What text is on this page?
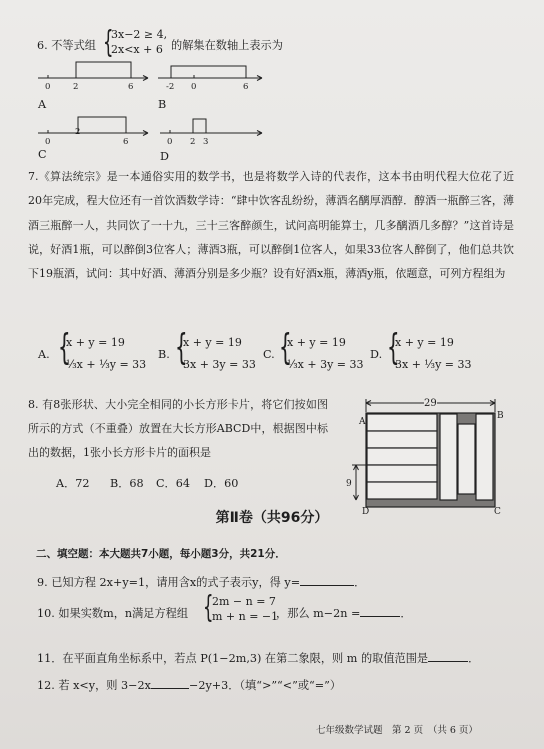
6. 不等式组 {
3x−2 ≥ 4,
2x<x + 6 的解集在数轴上表示为
0	2	6	-2 0	6
0
2
6	0 2 3
A	B
C	D
7.《算法统宗》是一本通俗实用的数学书，也是将数学入诗的代表作，这本书由明代程大位花了近20年完成，程大位还有一首饮酒数学诗：“肆中饮客乱纷纷，薄酒名醨厚酒醇．醇酒一瓶醉三客，薄酒三瓶醉一人，共同饮了一十九，三十三客醉颜生，试问高明能算士，几多醨酒几多醇？”这首诗是说，好酒1瓶，可以醉倒3位客人；薄酒3瓶，可以醉倒1位客人，如果33位客人醉倒了，他们总共饮下19瓶酒，试问：其中好酒、薄酒分别是多少瓶？设有好酒x瓶，薄酒y瓶，依题意，可列方程组为
A. {
x + y = 19
⅓x + ⅓y = 33
B. {
x + y = 19
3x + 3y = 33
C. {
x + y = 19
⅓x + 3y = 33
D. {
x + y = 19
3x + ⅓y = 33
8. 有8张形状、大小完全相同的小长方形卡片，将它们按如图所示的方式（不重叠）放置在大长方形ABCD中，根据图中标出的数据，1张小长方形卡片的面积是
A．72 B．68 C．64 D．60
29
A
B
D	C
9
第Ⅱ卷（共96分）
二、填空题：本大题共7小题，每小题3分，共21分．
9. 已知方程 2x+y=1，请用含x的式子表示y，得 y=	．
10. 如果实数m，n满足方程组 {
2m − n = 7
m + n = −1
，那么 m−2n =	．
11．在平面直角坐标系中，若点 P(1−2m,3) 在第二象限，则 m 的取值范围是	．
12. 若 x<y，则 3−2x	−2y+3．（填“>”“<”或“=”）
七年级数学试题　第 2 页　（共 6 页）
